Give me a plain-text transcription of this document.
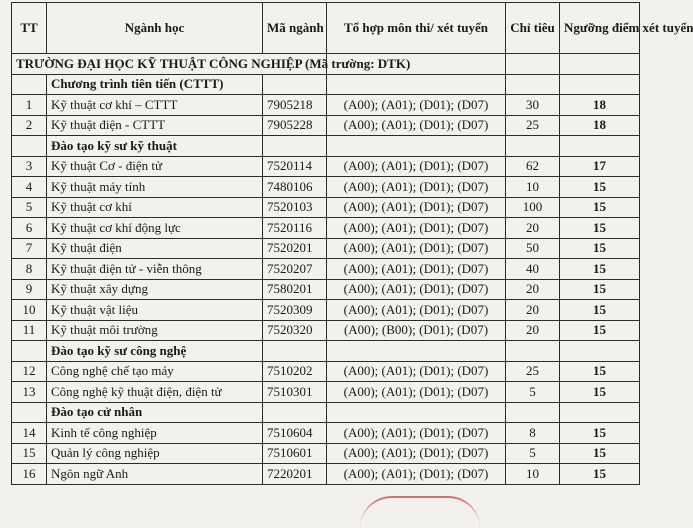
TT	Ngành học	Mã ngành	Tổ hợp môn thi/ xét tuyển	Chỉ tiêu	Ngưỡng điểm xét tuyển
TRƯỜNG ĐẠI HỌC KỸ THUẬT CÔNG NGHIỆP (Mã trường: DTK)					
	Chương trình tiên tiến (CTTT)				
1	Kỹ thuật cơ khí – CTTT	7905218	(A00); (A01); (D01); (D07)	30	18
2	Kỹ thuật điện - CTTT	7905228	(A00); (A01); (D01); (D07)	25	18
	Đào tạo kỹ sư kỹ thuật				
3	Kỹ thuật Cơ - điện tử	7520114	(A00); (A01); (D01); (D07)	62	17
4	Kỹ thuật máy tính	7480106	(A00); (A01); (D01); (D07)	10	15
5	Kỹ thuật cơ khí	7520103	(A00); (A01); (D01); (D07)	100	15
6	Kỹ thuật cơ khí động lực	7520116	(A00); (A01); (D01); (D07)	20	15
7	Kỹ thuật điện	7520201	(A00); (A01); (D01); (D07)	50	15
8	Kỹ thuật điện tử - viễn thông	7520207	(A00); (A01); (D01); (D07)	40	15
9	Kỹ thuật xây dựng	7580201	(A00); (A01); (D01); (D07)	20	15
10	Kỹ thuật vật liệu	7520309	(A00); (A01); (D01); (D07)	20	15
11	Kỹ thuật môi trường	7520320	(A00); (B00); (D01); (D07)	20	15
	Đào tạo kỹ sư công nghệ				
12	Công nghệ chế tạo máy	7510202	(A00); (A01); (D01); (D07)	25	15
13	Công nghệ kỹ thuật điện, điện tử	7510301	(A00); (A01); (D01); (D07)	5	15
	Đào tạo cử nhân				
14	Kinh tế công nghiệp	7510604	(A00); (A01); (D01); (D07)	8	15
15	Quản lý công nghiệp	7510601	(A00); (A01); (D01); (D07)	5	15
16	Ngôn ngữ Anh	7220201	(A00); (A01); (D01); (D07)	10	15
